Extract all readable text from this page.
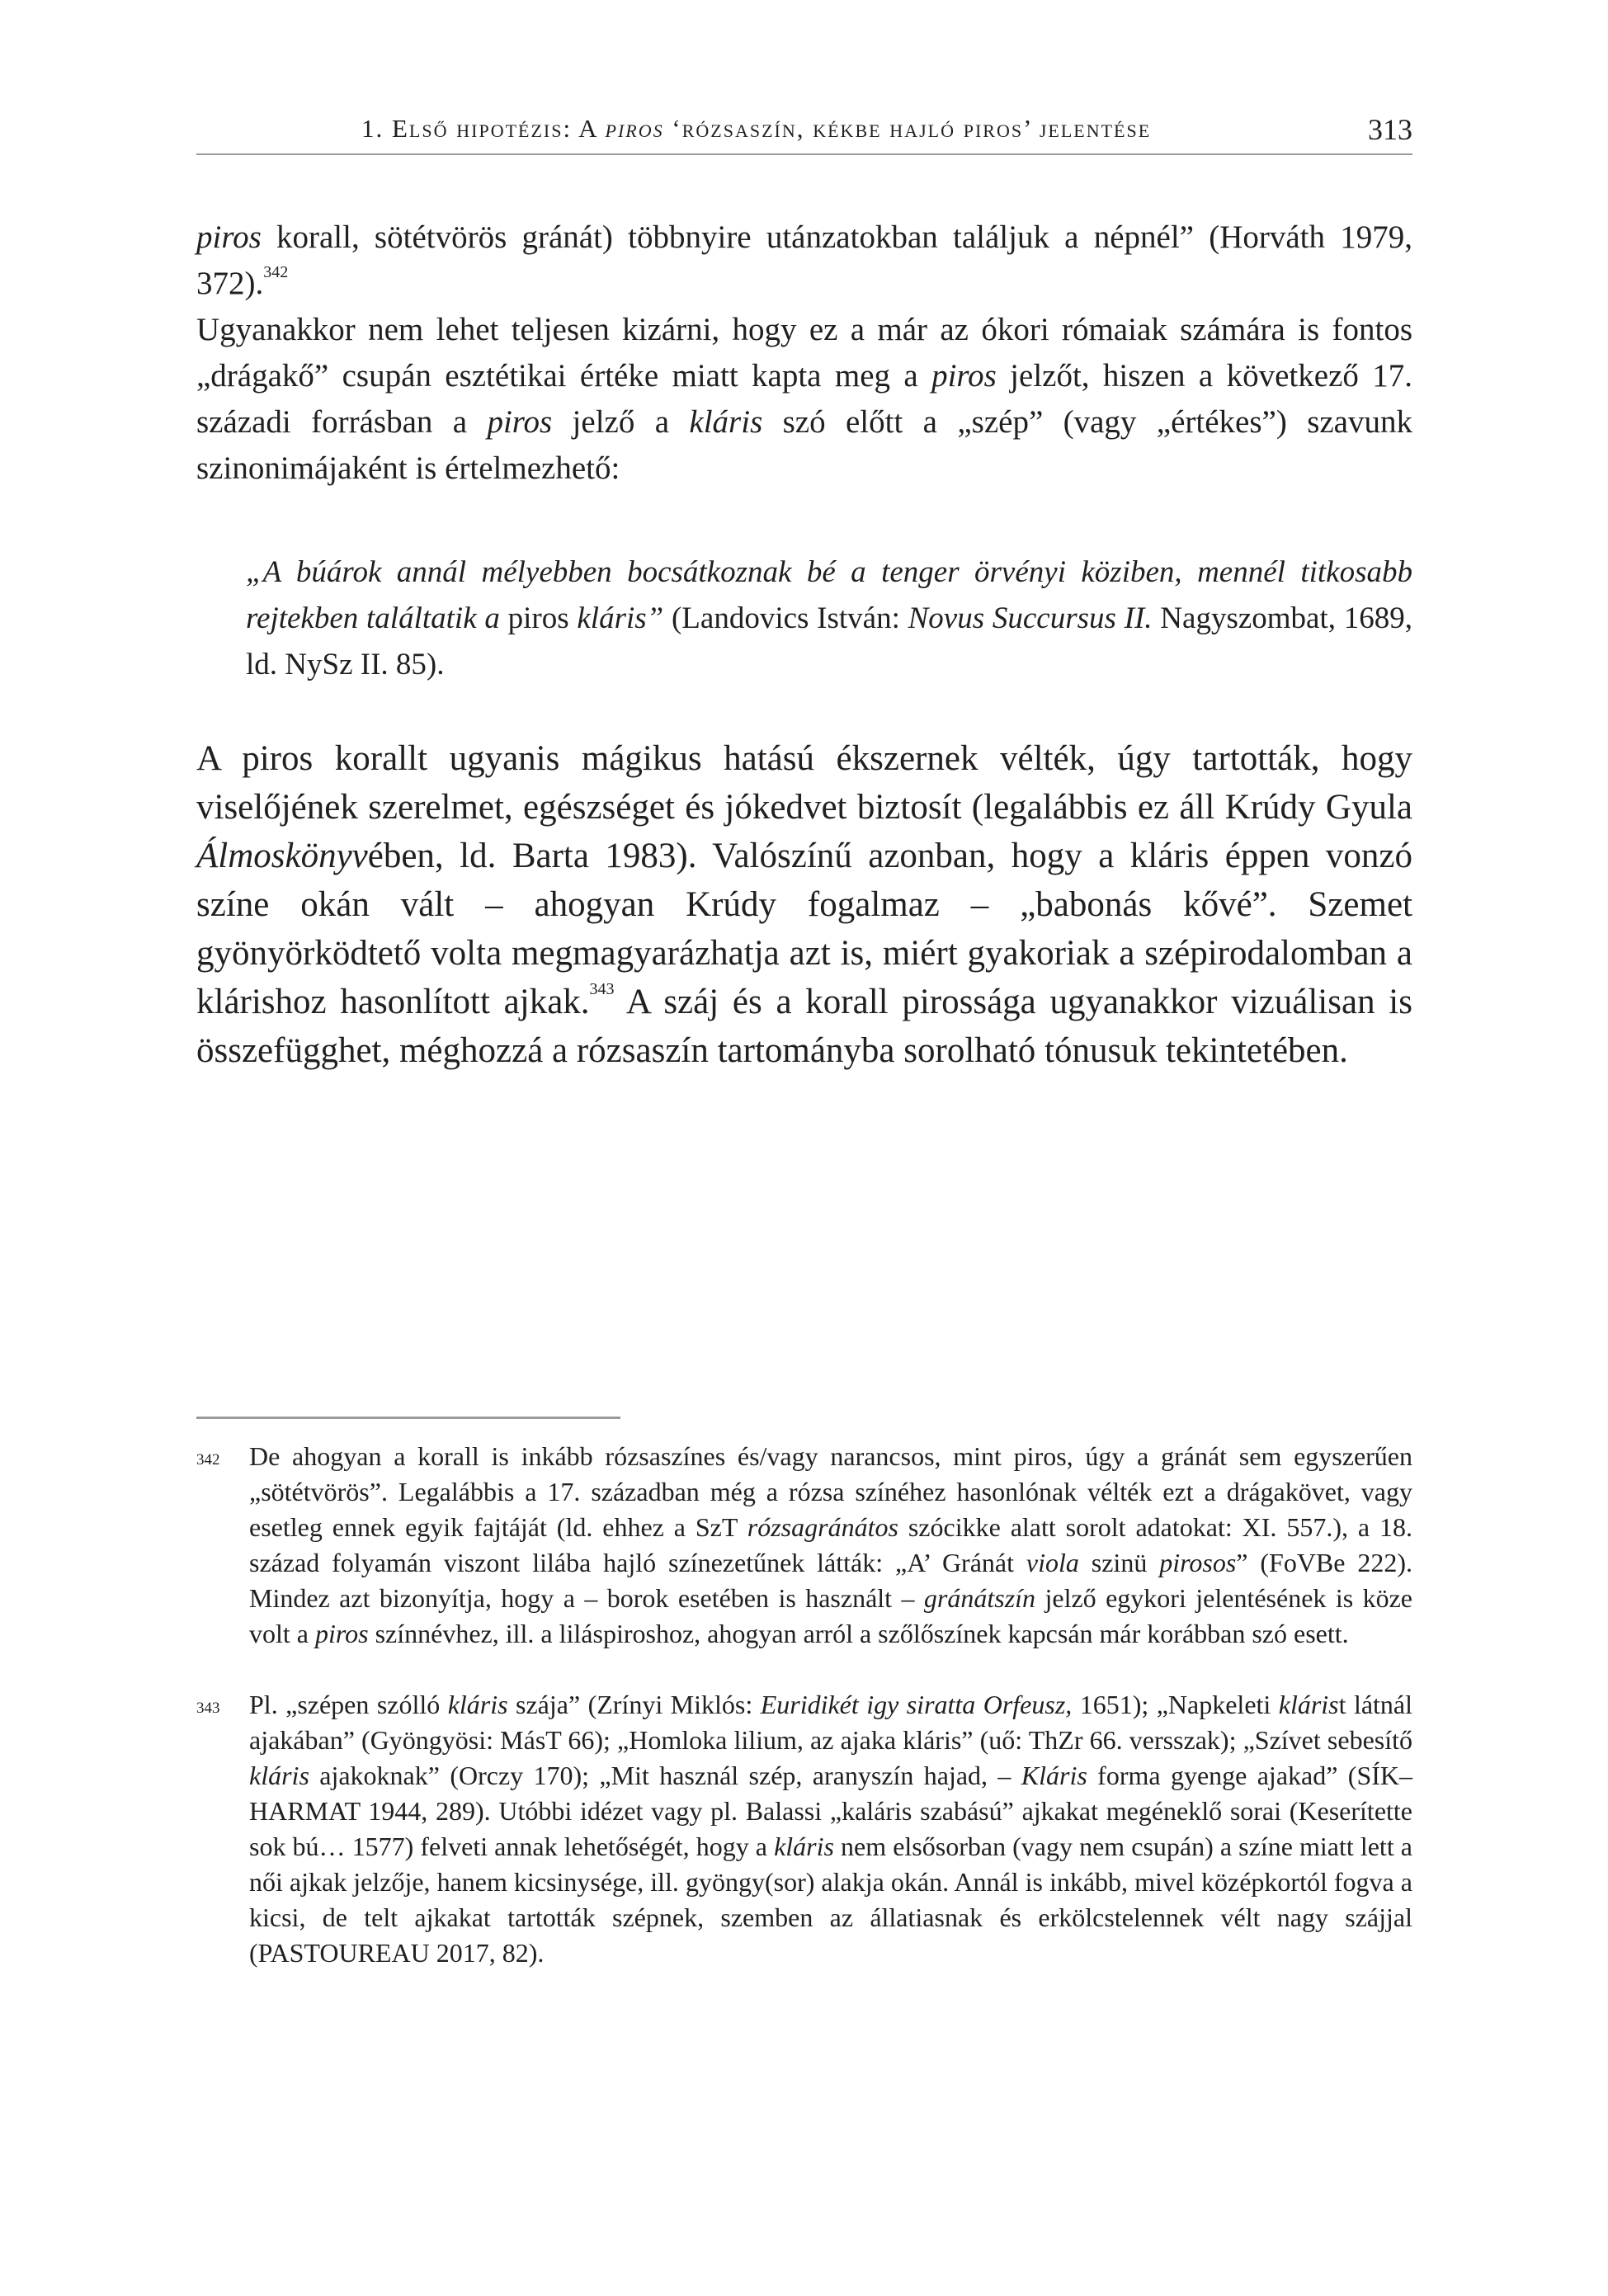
1. Első hipotézis: A piros ‘rózsaszín, kékbe hajló piros’ jelentése	313

piros korall, sötétvörös gránát) többnyire utánzatokban találjuk a népnél” (Horváth 1979, 372).$^{342}$

Ugyanakkor nem lehet teljesen kizárni, hogy ez a már az ókori rómaiak számára is fontos „drágakő” csupán esztétikai értéke miatt kapta meg a piros jelzőt, hiszen a következő 17. századi forrásban a piros jelző a kláris szó előtt a „szép” (vagy „értékes”) szavunk szinonimájaként is értelmezhető:

„A búárok annál mélyebben bocsátkoznak bé a tenger örvényi köziben, mennél titkosabb rejtekben találtatik a piros kláris” (Landovics István: Novus Succursus II. Nagyszombat, 1689, ld. NySz II. 85).

A piros korallt ugyanis mágikus hatású ékszernek vélték, úgy tartották, hogy viselőjének szerelmet, egészséget és jókedvet biztosít (legalábbis ez áll Krúdy Gyula Álmoskönyvében, ld. Barta 1983). Valószínű azonban, hogy a kláris éppen vonzó színe okán vált – ahogyan Krúdy fogalmaz – „babonás kővé”. Szemet gyönyörködtető volta megmagyarázhatja azt is, miért gyakoriak a szépirodalomban a klárishoz hasonlított ajkak.$^{343}$ A száj és a korall pirossága ugyanakkor vizuálisan is összefügghet, méghozzá a rózsaszín tartományba sorolható tónusuk tekintetében.

342 De ahogyan a korall is inkább rózsaszínes és/vagy narancsos, mint piros, úgy a gránát sem egyszerűen „sötétvörös”. Legalábbis a 17. században még a rózsa színéhez hasonlónak vélték ezt a drágakövet, vagy esetleg ennek egyik fajtáját (ld. ehhez a SzT rózsagránátos szócikke alatt sorolt adatokat: XI. 557.), a 18. század folyamán viszont lilába hajló színezetűnek látták: „A’ Gránát viola szinü pirosos” (FoVBe 222). Mindez azt bizonyítja, hogy a – borok esetében is használt – gránátszín jelző egykori jelentésének is köze volt a piros színnévhez, ill. a liláspiroshoz, ahogyan arról a szőlőszínek kapcsán már korábban szó esett.
343 Pl. „szépen szólló kláris szája” (Zrínyi Miklós: Euridikét igy siratta Orfeusz, 1651); „Napkeleti klárist látnál ajakában” (Gyöngyösi: MásT 66); „Homloka lilium, az ajaka kláris” (uő: ThZr 66. versszak); „Szívet sebesítő kláris ajakoknak” (Orczy 170); „Mit használ szép, aranyszín hajad, – Kláris forma gyenge ajakad” (SÍK–HARMAT 1944, 289). Utóbbi idézet vagy pl. Balassi „kaláris szabású” ajkakat megéneklő sorai (Keserítette sok bú… 1577) felveti annak lehetőségét, hogy a kláris nem elsősorban (vagy nem csupán) a színe miatt lett a női ajkak jelzője, hanem kicsinysége, ill. gyöngy(sor) alakja okán. Annál is inkább, mivel középkortól fogva a kicsi, de telt ajkakat tartották szépnek, szemben az állatiasnak és erkölcstelennek vélt nagy szájjal (PASTOUREAU 2017, 82).
